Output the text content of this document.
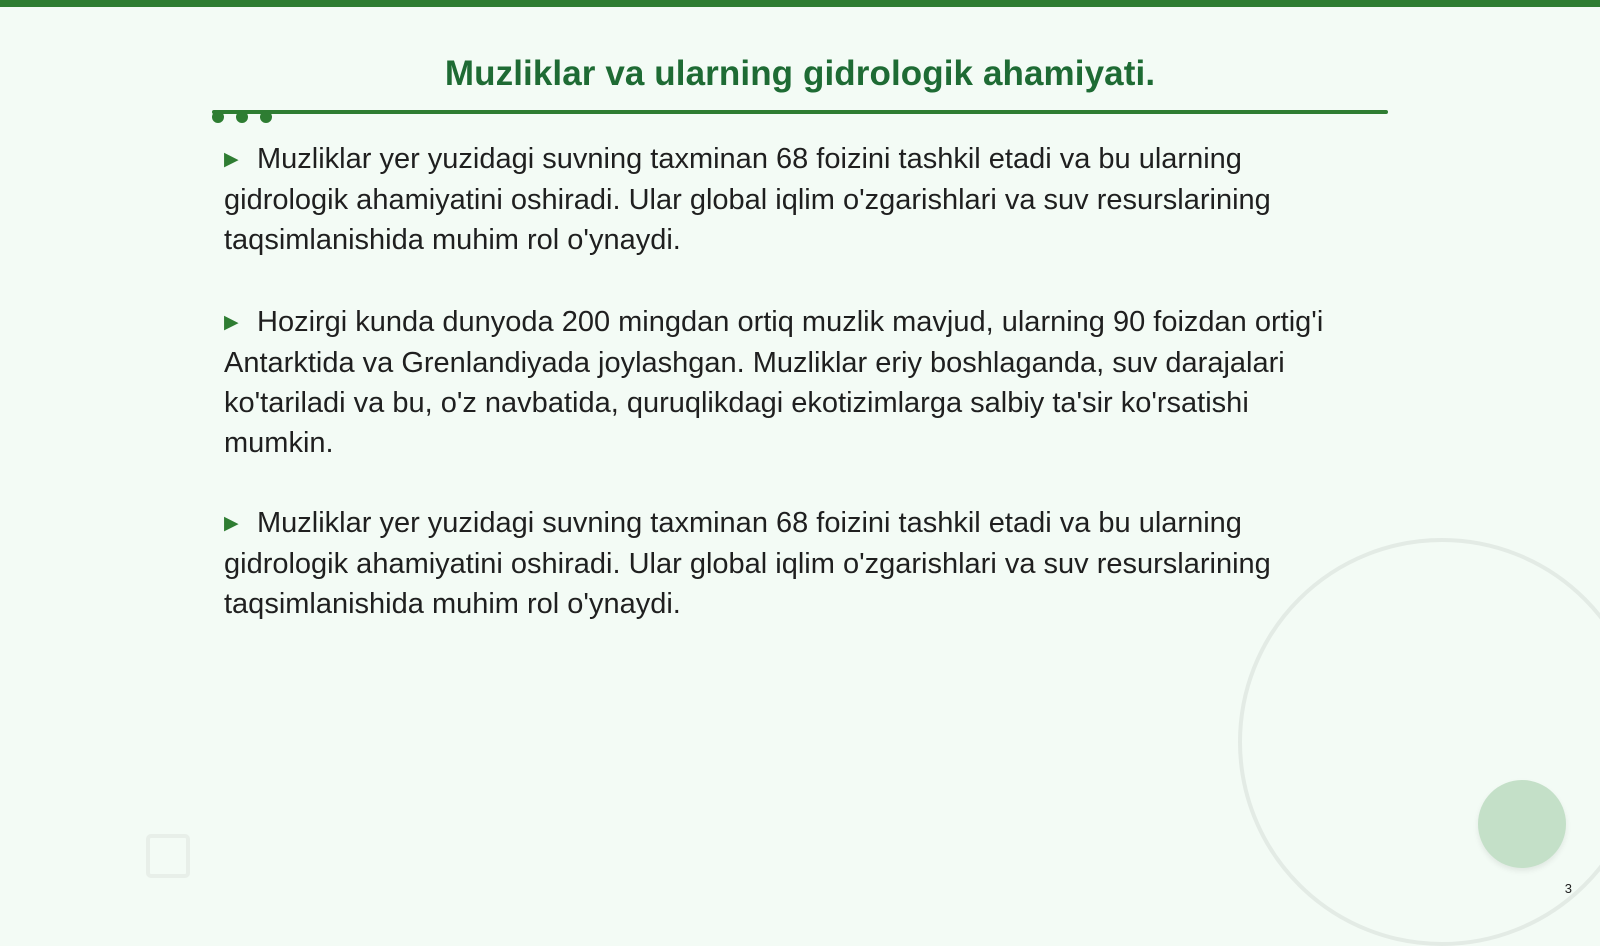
Muzliklar va ularning gidrologik ahamiyati.
▶ Muzliklar yer yuzidagi suvning taxminan 68 foizini tashkil etadi va bu ularning gidrologik ahamiyatini oshiradi. Ular global iqlim o'zgarishlari va suv resurslarining taqsimlanishida muhim rol o'ynaydi.
▶ Hozirgi kunda dunyoda 200 mingdan ortiq muzlik mavjud, ularning 90 foizdan ortig'i Antarktida va Grenlandiyada joylashgan. Muzliklar eriy boshlaganda, suv darajalari ko'tariladi va bu, o'z navbatida, quruqlikdagi ekotizimlarga salbiy ta'sir ko'rsatishi mumkin.
▶ Muzliklar yer yuzidagi suvning taxminan 68 foizini tashkil etadi va bu ularning gidrologik ahamiyatini oshiradi. Ular global iqlim o'zgarishlari va suv resurslarining taqsimlanishida muhim rol o'ynaydi.
3
